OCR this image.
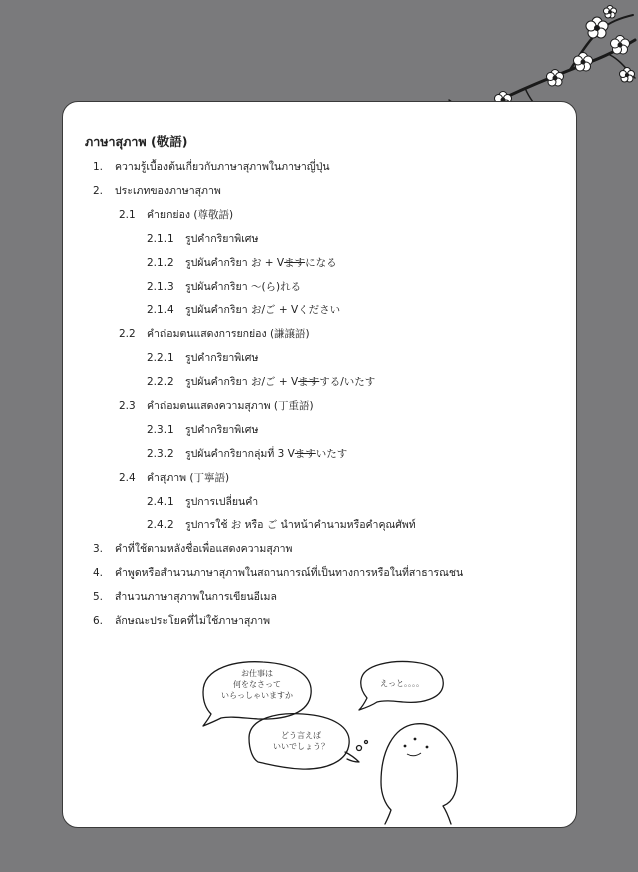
ภาษาสุภาพ (敬語)
1. ความรู้เบื้องต้นเกี่ยวกับภาษาสุภาพในภาษาญี่ปุ่น
2. ประเภทของภาษาสุภาพ
2.1 คำยกย่อง (尊敬語)
2.1.1 รูปคำกริยาพิเศษ
2.1.2 รูปผันคำกริยา お + Vますになる
2.1.3 รูปผันคำกริยา ～(ら)れる
2.1.4 รูปผันคำกริยา お/ご + Vください
2.2 คำถ่อมตนแสดงการยกย่อง (謙譲語)
2.2.1 รูปคำกริยาพิเศษ
2.2.2 รูปผันคำกริยา お/ご + Vますする/いたす
2.3 คำถ่อมตนแสดงความสุภาพ (丁重語)
2.3.1 รูปคำกริยาพิเศษ
2.3.2 รูปผันคำกริยากลุ่มที่ 3 Vますいたす
2.4 คำสุภาพ (丁寧語)
2.4.1 รูปการเปลี่ยนคำ
2.4.2 รูปการใช้ お หรือ ご นำหน้าคำนามหรือคำคุณศัพท์
3. คำที่ใช้ตามหลังชื่อเพื่อแสดงความสุภาพ
4. คำพูดหรือสำนวนภาษาสุภาพในสถานการณ์ที่เป็นทางการหรือในที่สาธารณชน
5. สำนวนภาษาสุภาพในการเขียนอีเมล
6. ลักษณะประโยคที่ไม่ใช้ภาษาสุภาพ
お仕事は
何をなさって
いらっしゃいますか
えっと。。。。
どう言えば
いいでしょう？
